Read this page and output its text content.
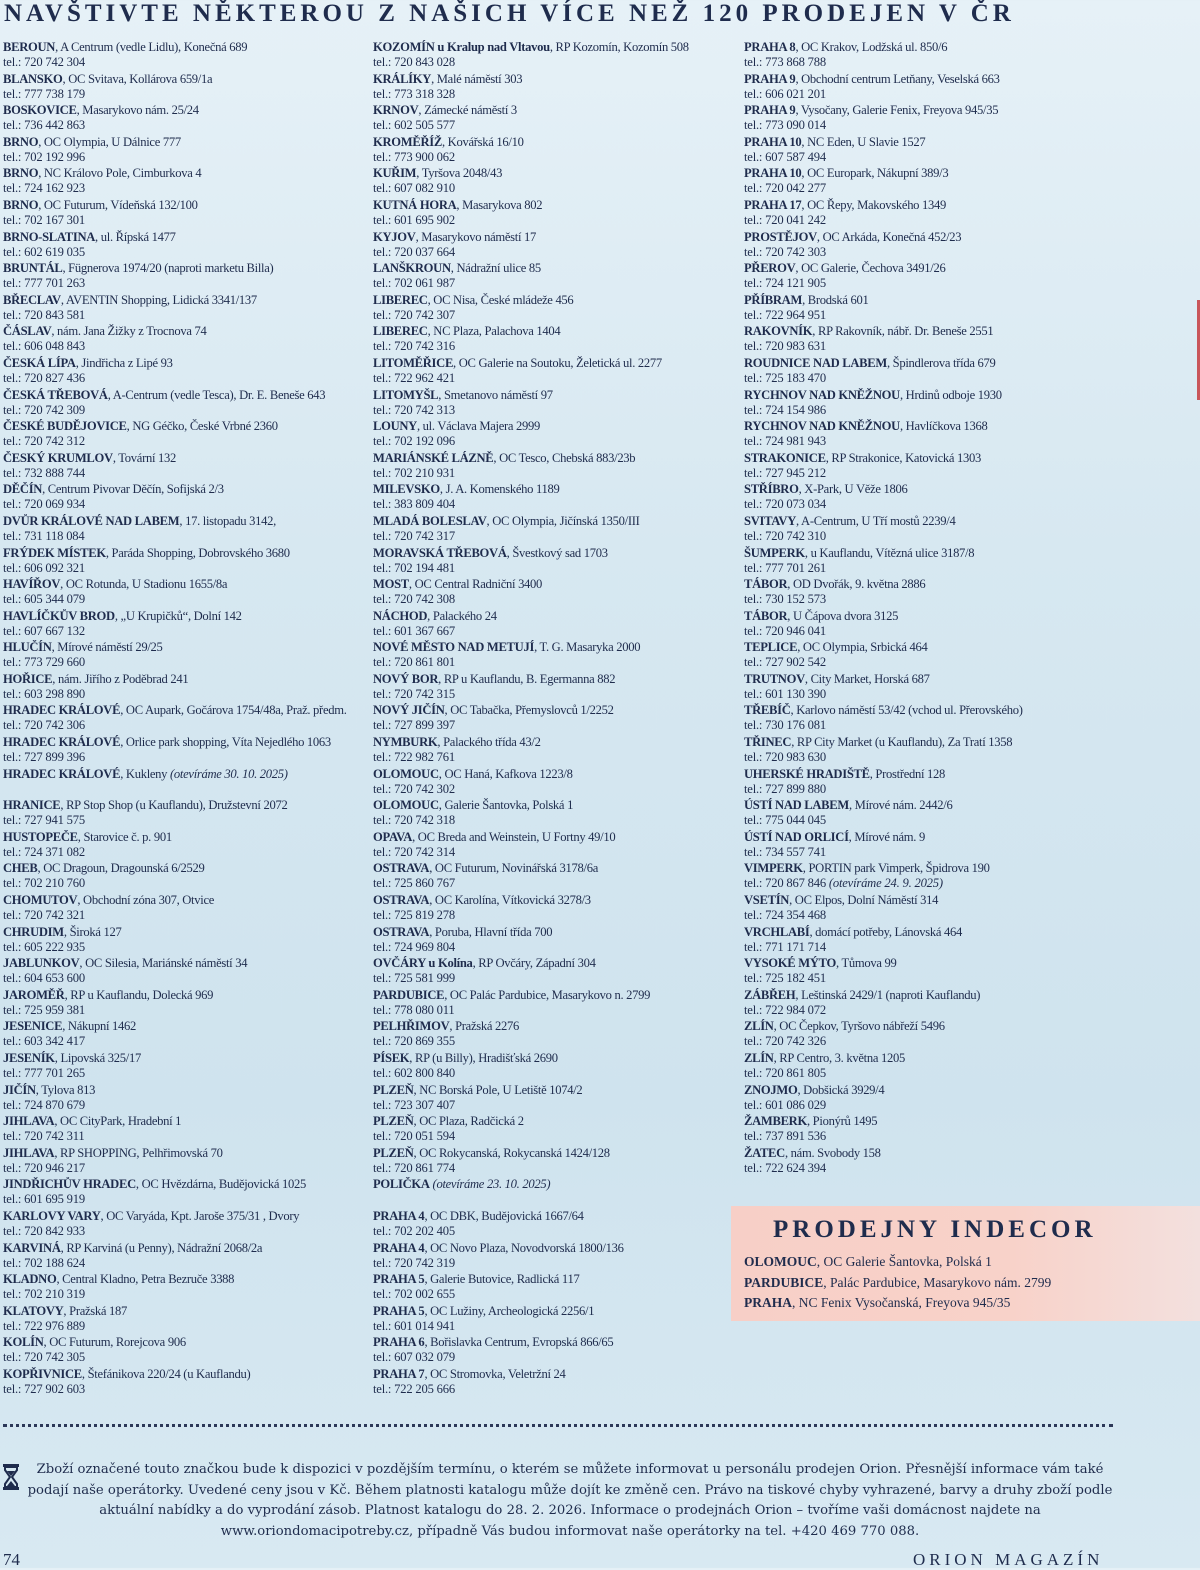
NAVŠTIVTE NĚKTEROU Z NAŠICH VÍCE NEŽ 120 PRODEJEN V ČR
BEROUN, A Centrum (vedle Lidlu), Konečná 689
tel.: 720 742 304
BLANSKO, OC Svitava, Kollárova 659/1a
tel.: 777 738 179
BOSKOVICE, Masarykovo nám. 25/24
tel.: 736 442 863
BRNO, OC Olympia, U Dálnice 777
tel.: 702 192 996
BRNO, NC Královo Pole, Cimburkova 4
tel.: 724 162 923
BRNO, OC Futurum, Vídeňská 132/100
tel.: 702 167 301
BRNO-SLATINA, ul. Řípská 1477
tel.: 602 619 035
BRUNTÁL, Fügnerova 1974/20 (naproti marketu Billa)
tel.: 777 701 263
BŘECLAV, AVENTIN Shopping, Lidická 3341/137
tel.: 720 843 581
ČÁSLAV, nám. Jana Žižky z Trocnova 74
tel.: 606 048 843
ČESKÁ LÍPA, Jindřicha z Lipé 93
tel.: 720 827 436
ČESKÁ TŘEBOVÁ, A-Centrum (vedle Tesca), Dr. E. Beneše 643
tel.: 720 742 309
ČESKÉ BUDĚJOVICE, NG Géčko, České Vrbné 2360
tel.: 720 742 312
ČESKÝ KRUMLOV, Tovární 132
tel.: 732 888 744
DĚČÍN, Centrum Pivovar Děčín, Sofijská 2/3
tel.: 720 069 934
DVŮR KRÁLOVÉ NAD LABEM, 17. listopadu 3142,
tel.: 731 118 084
FRÝDEK MÍSTEK, Paráda Shopping, Dobrovského 3680
tel.: 606 092 321
HAVÍŘOV, OC Rotunda, U Stadionu 1655/8a
tel.: 605 344 079
HAVLÍČKŮV BROD, „U Krupičků“, Dolní 142
tel.: 607 667 132
HLUČÍN, Mírové náměstí 29/25
tel.: 773 729 660
HOŘICE, nám. Jiřího z Poděbrad 241
tel.: 603 298 890
HRADEC KRÁLOVÉ, OC Aupark, Gočárova 1754/48a, Praž. předm.
tel.: 720 742 306
HRADEC KRÁLOVÉ, Orlice park shopping, Víta Nejedlého 1063
tel.: 727 899 396
HRADEC KRÁLOVÉ, Kukleny (otevíráme 30. 10. 2025)
HRANICE, RP Stop Shop (u Kauflandu), Družstevní 2072
tel.: 727 941 575
HUSTOPEČE, Starovice č. p. 901
tel.: 724 371 082
CHEB, OC Dragoun, Dragounská 6/2529
tel.: 702 210 760
CHOMUTOV, Obchodní zóna 307, Otvice
tel.: 720 742 321
CHRUDIM, Široká 127
tel.: 605 222 935
JABLUNKOV, OC Silesia, Mariánské náměstí 34
tel.: 604 653 600
JAROMĚŘ, RP u Kauflandu, Dolecká 969
tel.: 725 959 381
JESENICE, Nákupní 1462
tel.: 603 342 417
JESENÍK, Lipovská 325/17
tel.: 777 701 265
JIČÍN, Tylova 813
tel.: 724 870 679
JIHLAVA, OC CityPark, Hradební 1
tel.: 720 742 311
JIHLAVA, RP SHOPPING, Pelhřimovská 70
tel.: 720 946 217
JINDŘICHŮV HRADEC, OC Hvězdárna, Budějovická 1025
tel.: 601 695 919
KARLOVY VARY, OC Varyáda, Kpt. Jaroše 375/31 , Dvory
tel.: 720 842 933
KARVINÁ, RP Karviná (u Penny), Nádražní 2068/2a
tel.: 702 188 624
KLADNO, Central Kladno, Petra Bezruče 3388
tel.: 702 210 319
KLATOVY, Pražská 187
tel.: 722 976 889
KOLÍN, OC Futurum, Rorejcova 906
tel.: 720 742 305
KOPŘIVNICE, Štefánikova 220/24 (u Kauflandu)
tel.: 727 902 603
KOZOMÍN u Kralup nad Vltavou, RP Kozomín, Kozomín 508
tel.: 720 843 028
KRÁLÍKY, Malé náměstí 303
tel.: 773 318 328
KRNOV, Zámecké náměstí 3
tel.: 602 505 577
KROMĚŘÍŽ, Kovářská 16/10
tel.: 773 900 062
KUŘIM, Tyršova 2048/43
tel.: 607 082 910
KUTNÁ HORA, Masarykova 802
tel.: 601 695 902
KYJOV, Masarykovo náměstí 17
tel.: 720 037 664
LANŠKROUN, Nádražní ulice 85
tel.: 702 061 987
LIBEREC, OC Nisa, České mládeže 456
tel.: 720 742 307
LIBEREC, NC Plaza, Palachova 1404
tel.: 720 742 316
LITOMĚŘICE, OC Galerie na Soutoku, Želetická ul. 2277
tel.: 722 962 421
LITOMYŠL, Smetanovo náměstí 97
tel.: 720 742 313
LOUNY, ul. Václava Majera 2999
tel.: 702 192 096
MARIÁNSKÉ LÁZNĚ, OC Tesco, Chebská 883/23b
tel.: 702 210 931
MILEVSKO, J. A. Komenského 1189
tel.: 383 809 404
MLADÁ BOLESLAV, OC Olympia, Jičínská 1350/III
tel.: 720 742 317
MORAVSKÁ TŘEBOVÁ, Švestkový sad 1703
tel.: 702 194 481
MOST, OC Central Radniční 3400
tel.: 720 742 308
NÁCHOD, Palackého 24
tel.: 601 367 667
NOVÉ MĚSTO NAD METUJÍ, T. G. Masaryka 2000
tel.: 720 861 801
NOVÝ BOR, RP u Kauflandu, B. Egermanna 882
tel.: 720 742 315
NOVÝ JIČÍN, OC Tabačka, Přemyslovců 1/2252
tel.: 727 899 397
NYMBURK, Palackého třída 43/2
tel.: 722 982 761
OLOMOUC, OC Haná, Kafkova 1223/8
tel.: 720 742 302
OLOMOUC, Galerie Šantovka, Polská 1
tel.: 720 742 318
OPAVA, OC Breda and Weinstein, U Fortny 49/10
tel.: 720 742 314
OSTRAVA, OC Futurum, Novinářská 3178/6a
tel.: 725 860 767
OSTRAVA, OC Karolína, Vítkovická 3278/3
tel.: 725 819 278
OSTRAVA, Poruba, Hlavní třída 700
tel.: 724 969 804
OVČÁRY u Kolína, RP Ovčáry, Západní 304
tel.: 725 581 999
PARDUBICE, OC Palác Pardubice, Masarykovo n. 2799
tel.: 778 080 011
PELHŘIMOV, Pražská 2276
tel.: 720 869 355
PÍSEK, RP (u Billy), Hradišťská 2690
tel.: 602 800 840
PLZEŇ, NC Borská Pole, U Letiště 1074/2
tel.: 723 307 407
PLZEŇ, OC Plaza, Radčická 2
tel.: 720 051 594
PLZEŇ, OC Rokycanská, Rokycanská 1424/128
tel.: 720 861 774
POLIČKA (otevíráme 23. 10. 2025)
PRAHA 4, OC DBK, Budějovická 1667/64
tel.: 702 202 405
PRAHA 4, OC Novo Plaza, Novodvorská 1800/136
tel.: 720 742 319
PRAHA 5, Galerie Butovice, Radlická 117
tel.: 702 002 655
PRAHA 5, OC Lužiny, Archeologická 2256/1
tel.: 601 014 941
PRAHA 6, Bořislavka Centrum, Evropská 866/65
tel.: 607 032 079
PRAHA 7, OC Stromovka, Veletržní 24
tel.: 722 205 666
PRAHA 8, OC Krakov, Lodžská ul. 850/6
tel.: 773 868 788
PRAHA 9, Obchodní centrum Letňany, Veselská 663
tel.: 606 021 201
PRAHA 9, Vysočany, Galerie Fenix, Freyova 945/35
tel.: 773 090 014
PRAHA 10, NC Eden, U Slavie 1527
tel.: 607 587 494
PRAHA 10, OC Europark, Nákupní 389/3
tel.: 720 042 277
PRAHA 17, OC Řepy, Makovského 1349
tel.: 720 041 242
PROSTĚJOV, OC Arkáda, Konečná 452/23
tel.: 720 742 303
PŘEROV, OC Galerie, Čechova 3491/26
tel.: 724 121 905
PŘÍBRAM, Brodská 601
tel.: 722 964 951
RAKOVNÍK, RP Rakovník, nábř. Dr. Beneše 2551
tel.: 720 983 631
ROUDNICE NAD LABEM, Špindlerova třída 679
tel.: 725 183 470
RYCHNOV NAD KNĚŽNOU, Hrdinů odboje 1930
tel.: 724 154 986
RYCHNOV NAD KNĚŽNOU, Havlíčkova 1368
tel.: 724 981 943
STRAKONICE, RP Strakonice, Katovická 1303
tel.: 727 945 212
STŘÍBRO, X-Park, U Věže 1806
tel.: 720 073 034
SVITAVY, A-Centrum, U Tří mostů 2239/4
tel.: 720 742 310
ŠUMPERK, u Kauflandu, Vítězná ulice 3187/8
tel.: 777 701 261
TÁBOR, OD Dvořák, 9. května 2886
tel.: 730 152 573
TÁBOR, U Čápova dvora 3125
tel.: 720 946 041
TEPLICE, OC Olympia, Srbická 464
tel.: 727 902 542
TRUTNOV, City Market, Horská 687
tel.: 601 130 390
TŘEBÍČ, Karlovo náměstí 53/42 (vchod ul. Přerovského)
tel.: 730 176 081
TŘINEC, RP City Market (u Kauflandu), Za Tratí 1358
tel.: 720 983 630
UHERSKÉ HRADIŠTĚ, Prostřední 128
tel.: 727 899 880
ÚSTÍ NAD LABEM, Mírové nám. 2442/6
tel.: 775 044 045
ÚSTÍ NAD ORLICÍ, Mírové nám. 9
tel.: 734 557 741
VIMPERK, PORTIN park Vimperk, Špidrova 190
tel.: 720 867 846 (otevíráme 24. 9. 2025)
VSETÍN, OC Elpos, Dolní Náměstí 314
tel.: 724 354 468
VRCHLABÍ, domácí potřeby, Lánovská 464
tel.: 771 171 714
VYSOKÉ MÝTO, Tůmova 99
tel.: 725 182 451
ZÁBŘEH, Leštinská 2429/1 (naproti Kauflandu)
tel.: 722 984 072
ZLÍN, OC Čepkov, Tyršovo nábřeží 5496
tel.: 720 742 326
ZLÍN, RP Centro, 3. května 1205
tel.: 720 861 805
ZNOJMO, Dobšická 3929/4
tel.: 601 086 029
ŽAMBERK, Pionýrů 1495
tel.: 737 891 536
ŽATEC, nám. Svobody 158
tel.: 722 624 394
PRODEJNY INDECOR
OLOMOUC, OC Galerie Šantovka, Polská 1
PARDUBICE, Palác Pardubice, Masarykovo nám. 2799
PRAHA, NC Fenix Vysočanská, Freyova 945/35
Zboží označené touto značkou bude k dispozici v pozdějším termínu, o kterém se můžete informovat u personálu prodejen Orion. Přesnější informace vám také podají naše operátorky. Uvedené ceny jsou v Kč. Během platnosti katalogu může dojít ke změně cen. Právo na tiskové chyby vyhrazené, barvy a druhy zboží podle aktuální nabídky a do vyprodání zásob. Platnost katalogu do 28. 2. 2026. Informace o prodejnách Orion – tvoříme vaši domácnost najdete na www.oriondomacipotreby.cz, případně Vás budou informovat naše operátorky na tel. +420 469 770 088.
74	ORION MAGAZÍN
